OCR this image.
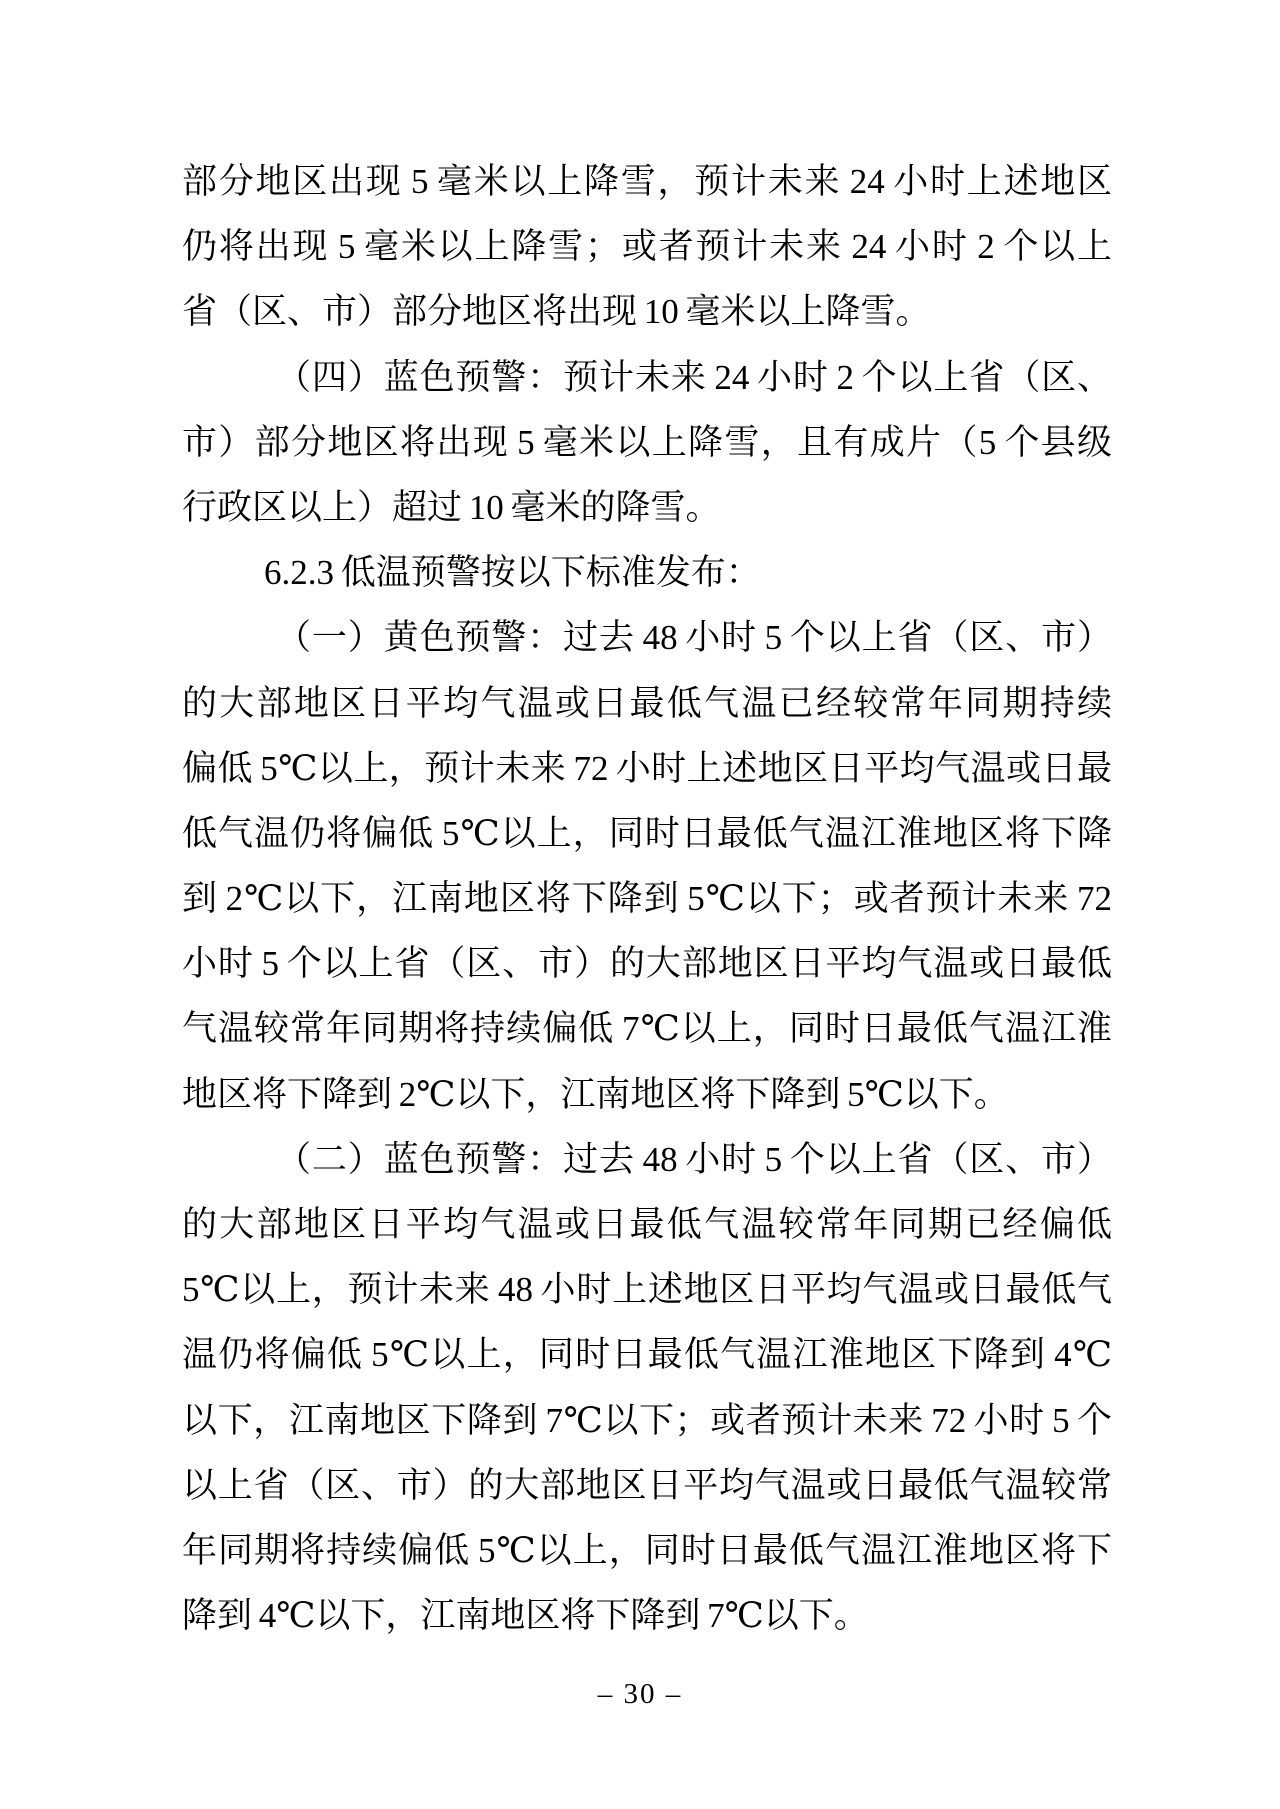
部分地区出现 5 毫米以上降雪，预计未来 24 小时上述地区
仍将出现 5 毫米以上降雪；或者预计未来 24 小时 2 个以上
省（区、市）部分地区将出现 10 毫米以上降雪。
（四）蓝色预警：预计未来 24 小时 2 个以上省（区、
市）部分地区将出现 5 毫米以上降雪，且有成片（5 个县级
行政区以上）超过 10 毫米的降雪。
6.2.3 低温预警按以下标准发布：
（一）黄色预警：过去 48 小时 5 个以上省（区、市）
的大部地区日平均气温或日最低气温已经较常年同期持续
偏低 5℃以上，预计未来 72 小时上述地区日平均气温或日最
低气温仍将偏低 5℃以上，同时日最低气温江淮地区将下降
到 2℃以下，江南地区将下降到 5℃以下；或者预计未来 72
小时 5 个以上省（区、市）的大部地区日平均气温或日最低
气温较常年同期将持续偏低 7℃以上，同时日最低气温江淮
地区将下降到 2℃以下，江南地区将下降到 5℃以下。
（二）蓝色预警：过去 48 小时 5 个以上省（区、市）
的大部地区日平均气温或日最低气温较常年同期已经偏低
5℃以上，预计未来 48 小时上述地区日平均气温或日最低气
温仍将偏低 5℃以上，同时日最低气温江淮地区下降到 4℃
以下，江南地区下降到 7℃以下；或者预计未来 72 小时 5 个
以上省（区、市）的大部地区日平均气温或日最低气温较常
年同期将持续偏低 5℃以上，同时日最低气温江淮地区将下
降到 4℃以下，江南地区将下降到 7℃以下。
– 30 –
